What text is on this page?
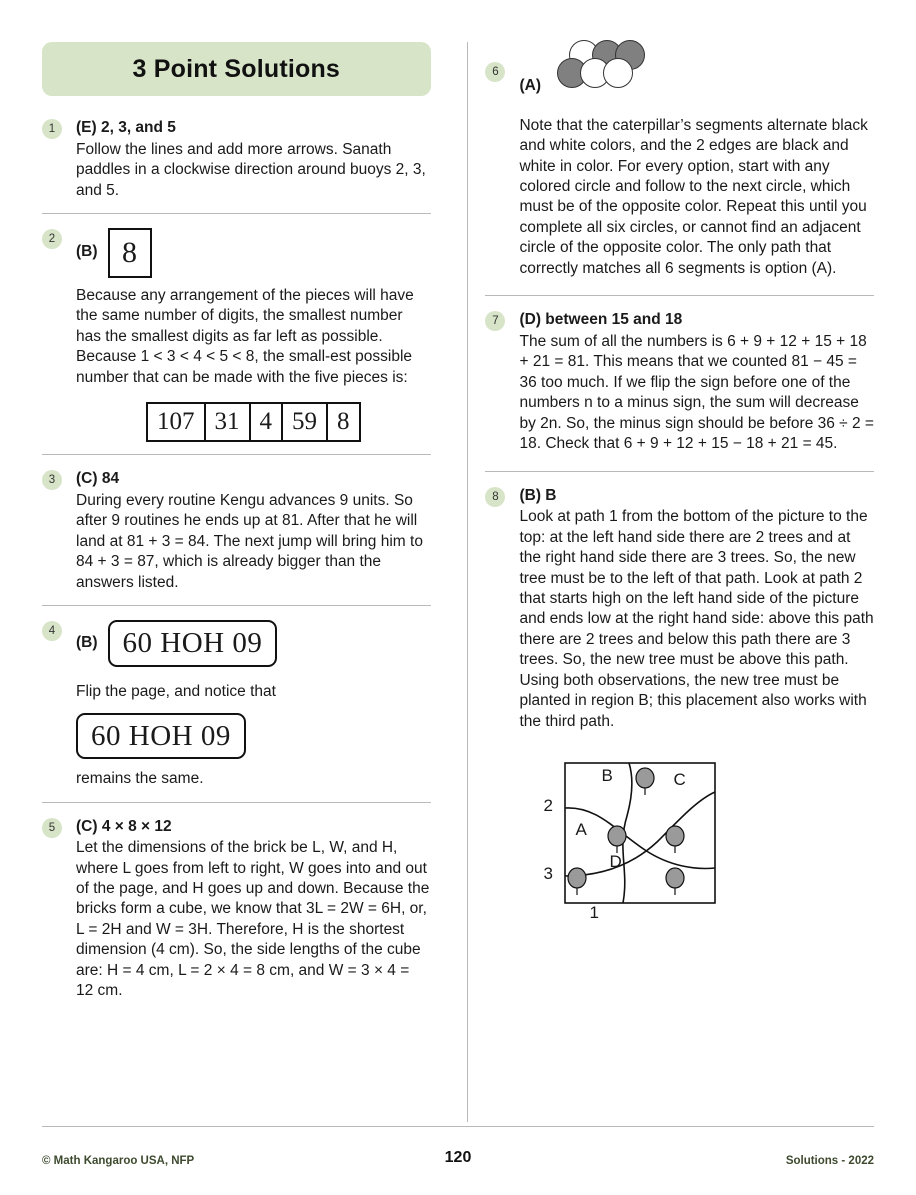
3 Point Solutions
1	(E) 2, 3, and 5

Follow the lines and add more arrows. Sanath paddles in a clockwise direction around buoys 2, 3, and 5.

2
(B) 8

Because any arrangement of the pieces will have the same number of digits, the smallest number has the smallest digits as far left as possible. Because 1 < 3 < 4 < 5 < 8, the small-est possible number that can be made with the five pieces is:

107 31 4 59 8
3	(C) 84

During every routine Kengu advances 9 units. So after 9 routines he ends up at 81. After that he will land at 81 + 3 = 84. The next jump will bring him to 84 + 3 = 87, which is already bigger than the answers listed.

4
(B) 60 HOH 09

Flip the page, and notice that

60 HOH 09

remains the same.

5	(C) 4 × 8 × 12

Let the dimensions of the brick be L, W, and H, where L goes from left to right, W goes into and out of the page, and H goes up and down. Because the bricks form a cube, we know that 3L = 2W = 6H, or, L = 2H and W = 3H. Therefore, H is the shortest dimension (4 cm). So, the side lengths of the cube are: H = 4 cm, L = 2 × 4 = 8 cm, and W = 3 × 4 = 12 cm.

6
(A)

Note that the caterpillar’s segments alternate black and white colors, and the 2 edges are black and white in color. For every option, start with any colored circle and follow to the next circle, which must be of the opposite color. Repeat this until you complete all six circles, or cannot find an adjacent circle of the opposite color. The only path that correctly matches all 6 segments is option (A).

7	(D) between 15 and 18

The sum of all the numbers is 6 + 9 + 12 + 15 + 18 + 21 = 81. This means that we counted 81 − 45 = 36 too much. If we flip the sign before one of the numbers n to a minus sign, the sum will decrease by 2n. So, the minus sign should be before 36 ÷ 2 = 18. Check that 6 + 9 + 12 + 15 − 18 + 21 = 45.

8	(B) B

Look at path 1 from the bottom of the picture to the top: at the left hand side there are 2 trees and at the right hand side there are 3 trees. So, the new tree must be to the left of that path. Look at path 2 that starts high on the left hand side of the picture and ends low at the right hand side: above this path there are 2 trees and below this path there are 3 trees. So, the new tree must be above this path. Using both observations, the new tree must be planted in region B; this placement also works with the third path.

2
3
1
B	C
A
D
© Math Kangaroo USA, NFP	Solutions - 2022
120
